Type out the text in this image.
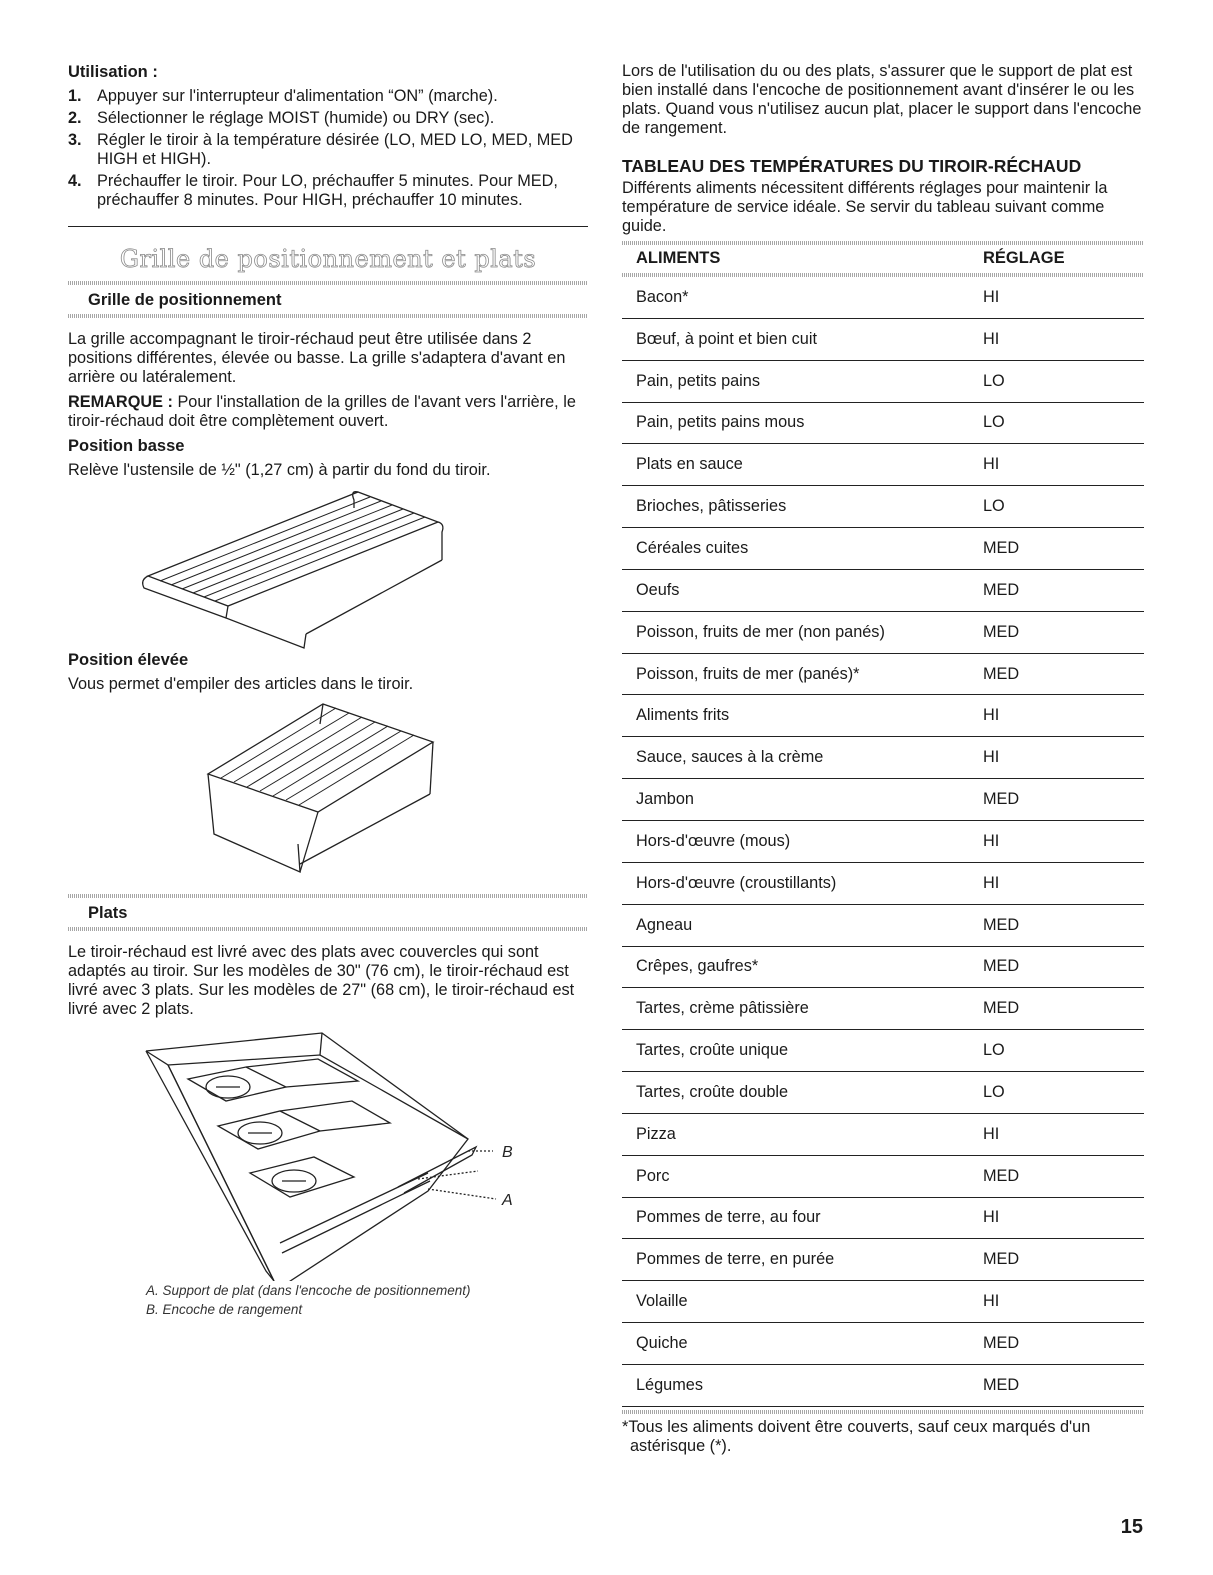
Utilisation :
1. Appuyer sur l'interrupteur d'alimentation “ON” (marche).
2. Sélectionner le réglage MOIST (humide) ou DRY (sec).
3. Régler le tiroir à la température désirée (LO, MED LO, MED, MED HIGH et HIGH).
4. Préchauffer le tiroir. Pour LO, préchauffer 5 minutes. Pour MED, préchauffer 8 minutes. Pour HIGH, préchauffer 10 minutes.
Grille de positionnement et plats
Grille de positionnement

La grille accompagnant le tiroir-réchaud peut être utilisée dans 2 positions différentes, élevée ou basse. La grille s'adaptera d'avant en arrière ou latéralement.

REMARQUE : Pour l'installation de la grilles de l'avant vers l'arrière, le tiroir-réchaud doit être complètement ouvert.

Position basse

Relève l'ustensile de ½" (1,27 cm) à partir du fond du tiroir.

Position élevée

Vous permet d'empiler des articles dans le tiroir.

Plats

Le tiroir-réchaud est livré avec des plats avec couvercles qui sont adaptés au tiroir. Sur les modèles de 30" (76 cm), le tiroir-réchaud est livré avec 3 plats. Sur les modèles de 27" (68 cm), le tiroir-réchaud est livré avec 2 plats.

B
A
A. Support de plat (dans l'encoche de positionnement)
B. Encoche de rangement

Lors de l'utilisation du ou des plats, s'assurer que le support de plat est bien installé dans l'encoche de positionnement avant d'insérer le ou les plats. Quand vous n'utilisez aucun plat, placer le support dans l'encoche de rangement.

TABLEAU DES TEMPÉRATURES DU TIROIR-RÉCHAUD

Différents aliments nécessitent différents réglages pour maintenir la température de service idéale. Se servir du tableau suivant comme guide.

ALIMENTS	RÉGLAGE
Bacon*	HI
Bœuf, à point et bien cuit	HI
Pain, petits pains	LO
Pain, petits pains mous	LO
Plats en sauce	HI
Brioches, pâtisseries	LO
Céréales cuites	MED
Oeufs	MED
Poisson, fruits de mer (non panés)	MED
Poisson, fruits de mer (panés)*	MED
Aliments frits	HI
Sauce, sauces à la crème	HI
Jambon	MED
Hors-d'œuvre (mous)	HI
Hors-d'œuvre (croustillants)	HI
Agneau	MED
Crêpes, gaufres*	MED
Tartes, crème pâtissière	MED
Tartes, croûte unique	LO
Tartes, croûte double	LO
Pizza	HI
Porc	MED
Pommes de terre, au four	HI
Pommes de terre, en purée	MED
Volaille	HI
Quiche	MED
Légumes	MED

*Tous les aliments doivent être couverts, sauf ceux marqués d'un astérisque (*).

15
